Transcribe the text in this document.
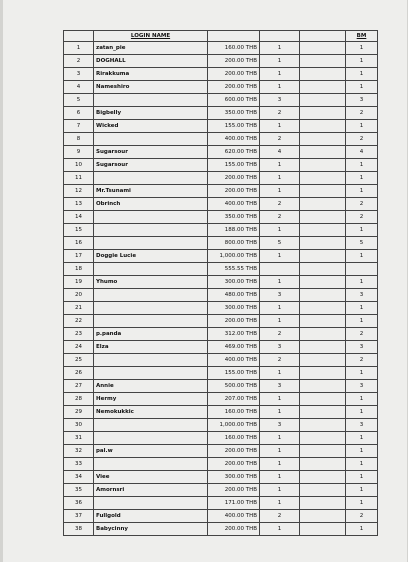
	LOGIN NAME				BM
1	zatan_pie	160.00 THB	1		1
2	DOGHALL	200.00 THB	1		1
3	Rirakkuma	200.00 THB	1		1
4	Nameshiro	200.00 THB	1		1
5		600.00 THB	3		3
6	Bigbelly	350.00 THB	2		2
7	Wicked	155.00 THB	1		1
8		400.00 THB	2		2
9	Sugarsour	620.00 THB	4		4
10	Sugarsour	155.00 THB	1		1
11		200.00 THB	1		1
12	Mr.Tsunami	200.00 THB	1		1
13	Obrinch	400.00 THB	2		2
14		350.00 THB	2		2
15		188.00 THB	1		1
16		800.00 THB	5		5
17	Doggie Lucie	1,000.00 THB	1		1
18		555.55 THB			
19	Yhumo	300.00 THB	1		1
20		480.00 THB	3		3
21		300.00 THB	1		1
22		200.00 THB	1		1
23	p.panda	312.00 THB	2		2
24	Elza	469.00 THB	3		3
25		400.00 THB	2		2
26		155.00 THB	1		1
27	Annie	500.00 THB	3		3
28	Hermy	207.00 THB	1		1
29	Nemokukkic	160.00 THB	1		1
30		1,000.00 THB	3		3
31		160.00 THB	1		1
32	pal.w	200.00 THB	1		1
33		200.00 THB	1		1
34	Viee	300.00 THB	1		1
35	Amornsri	200.00 THB	1		1
36		171.00 THB	1		1
37	Fullgold	400.00 THB	2		2
38	Babycinny	200.00 THB	1		1
